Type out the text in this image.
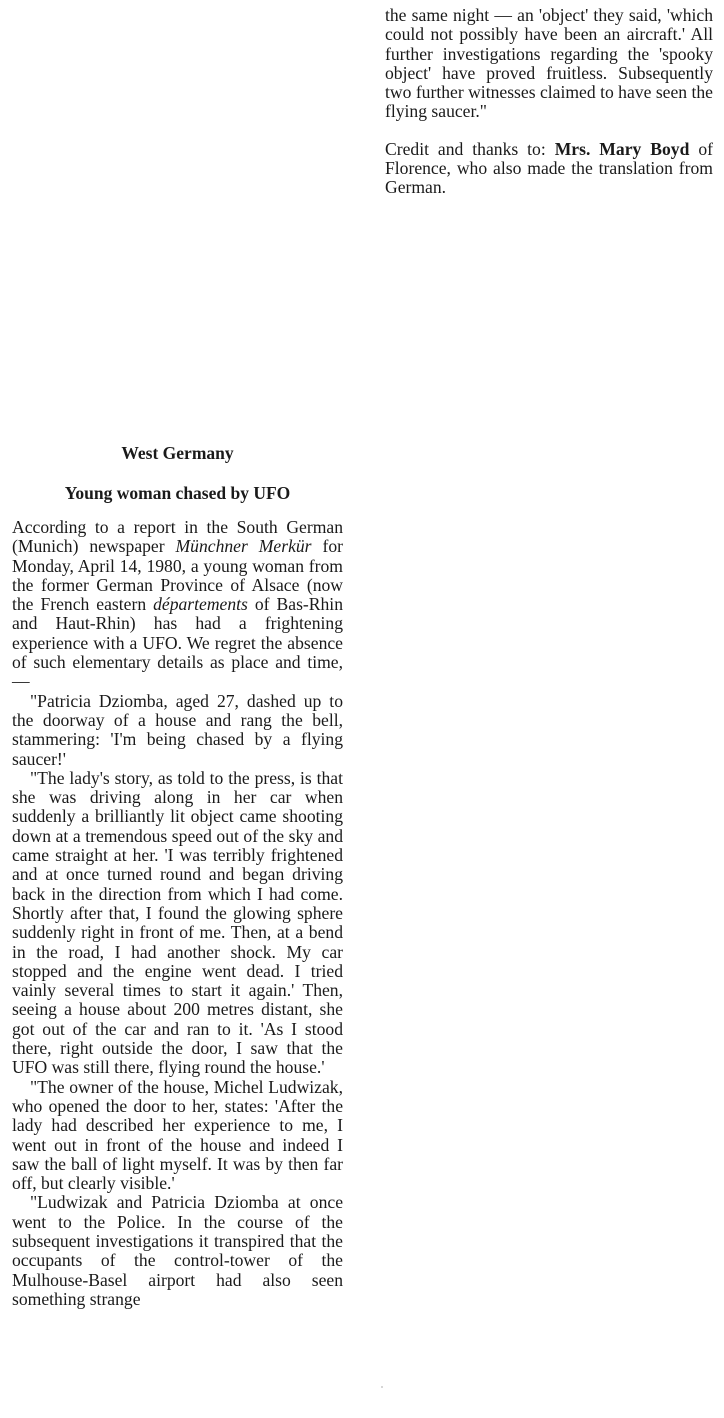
the same night — an 'object' they said, 'which could not possibly have been an aircraft.' All further investigations regarding the 'spooky object' have proved fruitless. Subsequently two further witnesses claimed to have seen the flying saucer."

Credit and thanks to: Mrs. Mary Boyd of Florence, who also made the translation from German.

West Germany
Young woman chased by UFO

According to a report in the South German (Munich) newspaper Münchner Merkür for Monday, April 14, 1980, a young woman from the former German Province of Alsace (now the French eastern départements of Bas-Rhin and Haut-Rhin) has had a frightening experience with a UFO. We regret the absence of such elementary details as place and time,—

"Patricia Dziomba, aged 27, dashed up to the doorway of a house and rang the bell, stammering: 'I'm being chased by a flying saucer!'

"The lady's story, as told to the press, is that she was driving along in her car when suddenly a brilliantly lit object came shooting down at a tremendous speed out of the sky and came straight at her. 'I was terribly frightened and at once turned round and began driving back in the direction from which I had come. Shortly after that, I found the glowing sphere suddenly right in front of me. Then, at a bend in the road, I had another shock. My car stopped and the engine went dead. I tried vainly several times to start it again.' Then, seeing a house about 200 metres distant, she got out of the car and ran to it. 'As I stood there, right outside the door, I saw that the UFO was still there, flying round the house.'

"The owner of the house, Michel Ludwizak, who opened the door to her, states: 'After the lady had described her experience to me, I went out in front of the house and indeed I saw the ball of light myself. It was by then far off, but clearly visible.'

"Ludwizak and Patricia Dziomba at once went to the Police. In the course of the subsequent investigations it transpired that the occupants of the control-tower of the Mulhouse-Basel airport had also seen something strange
